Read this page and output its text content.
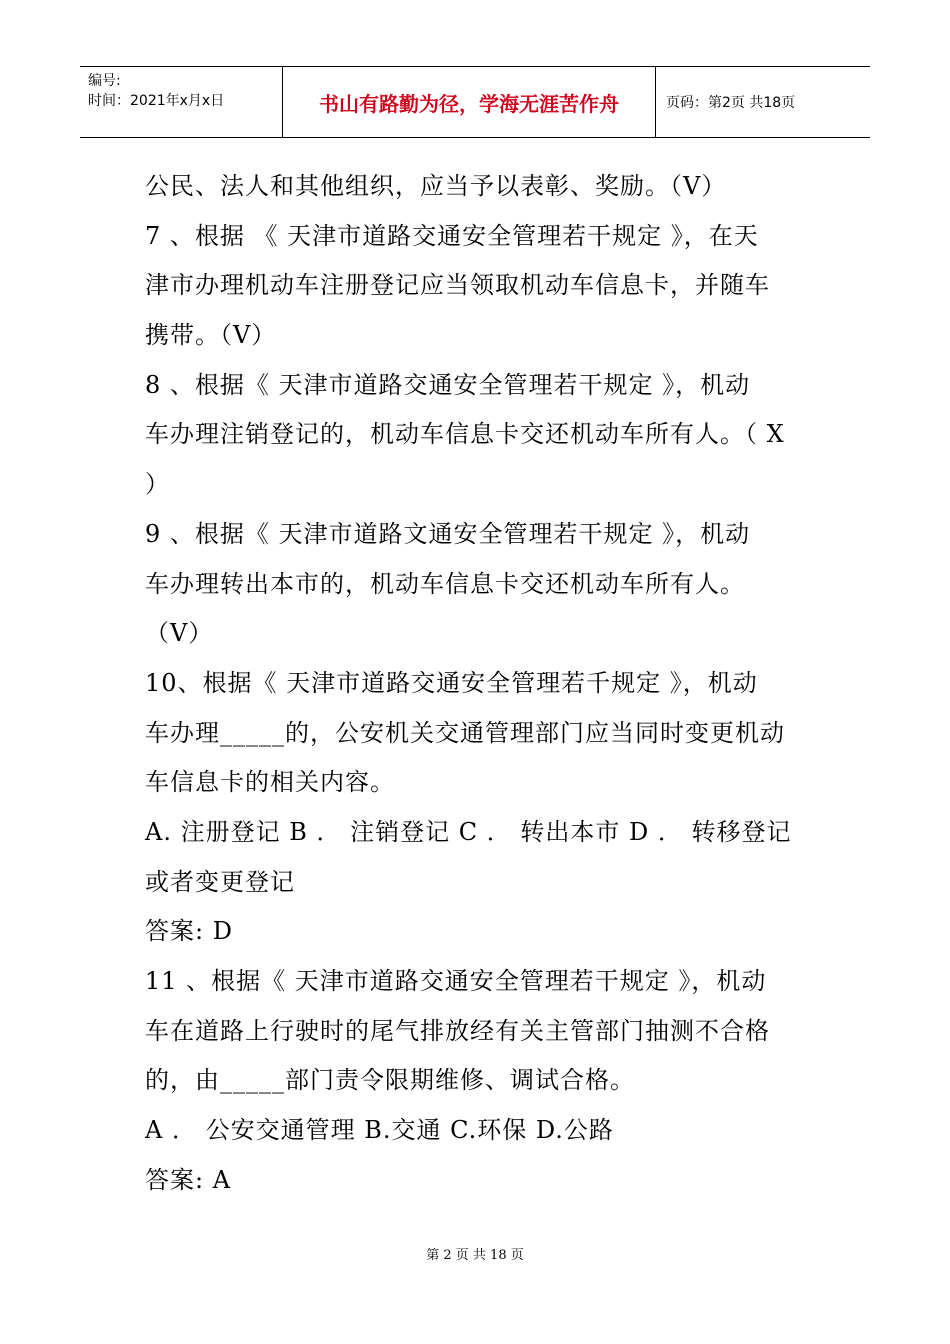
编号:
时间：2021年x月x日	书山有路勤为径，学海无涯苦作舟	页码：第2页 共18页
公民、法人和其他组织，应当予以表彰、奖励。（V）
7 、根据 《 天津市道路交通安全管理若干规定 》，在天
津市办理机动车注册登记应当领取机动车信息卡，并随车
携带。（V）
8 、根据《 天津市道路交通安全管理若干规定 》，机动
车办理注销登记的，机动车信息卡交还机动车所有人。（ X
）
9 、根据《 天津市道路文通安全管理若干规定 》，机动
车办理转出本市的，机动车信息卡交还机动车所有人。
（V）
10、根据《 天津市道路交通安全管理若千规定 》，机动
车办理_____的，公安机关交通管理部门应当同时变更机动
车信息卡的相关内容。
A. 注册登记 B ． 注销登记 C ． 转出本市 D ． 转移登记
或者变更登记
答案: D
11 、根据《 天津市道路交通安全管理若干规定 》，机动
车在道路上行驶时的尾气排放经有关主管部门抽测不合格
的，由_____部门责令限期维修、调试合格。
A ． 公安交通管理 B.交通 C.环保 D.公路
答案: A
第 2 页 共 18 页
